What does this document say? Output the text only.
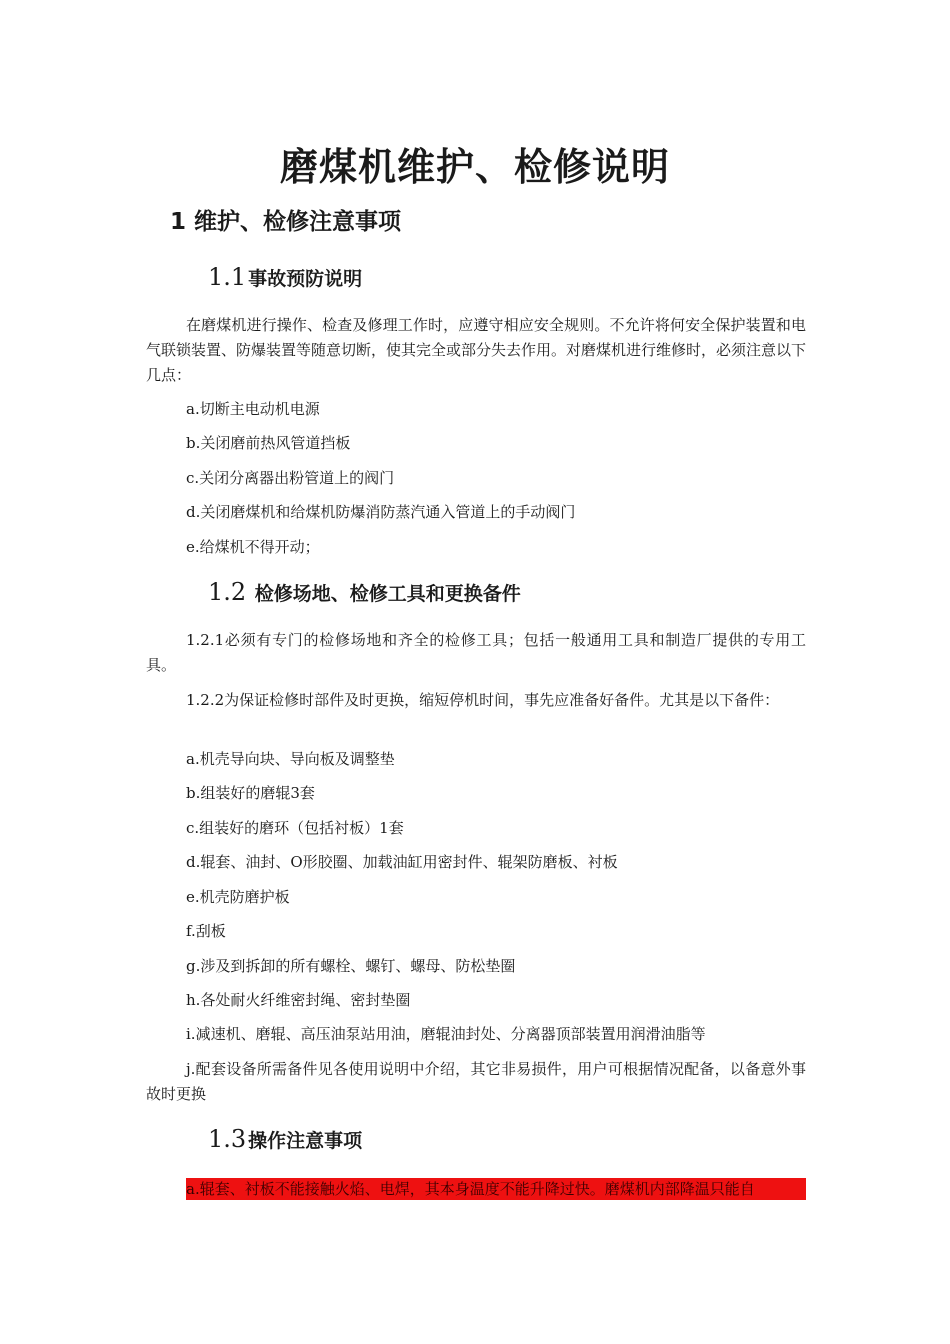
磨煤机维护、检修说明
1 维护、检修注意事项
1.1 事故预防说明

在磨煤机进行操作、检查及修理工作时，应遵守相应安全规则。不允许将何安全保护装置和电气联锁装置、防爆装置等随意切断，使其完全或部分失去作用。对磨煤机进行维修时，必须注意以下几点：

a.切断主电动机电源

b.关闭磨前热风管道挡板

c.关闭分离器出粉管道上的阀门

d.关闭磨煤机和给煤机防爆消防蒸汽通入管道上的手动阀门

e.给煤机不得开动；

1.2 检修场地、检修工具和更换备件

1.2.1必须有专门的检修场地和齐全的检修工具；包括一般通用工具和制造厂提供的专用工具。

1.2.2为保证检修时部件及时更换，缩短停机时间，事先应准备好备件。尤其是以下备件：

a.机壳导向块、导向板及调整垫

b.组装好的磨辊3套

c.组装好的磨环（包括衬板）1套

d.辊套、油封、O形胶圈、加载油缸用密封件、辊架防磨板、衬板

e.机壳防磨护板

f.刮板

g.涉及到拆卸的所有螺栓、螺钉、螺母、防松垫圈

h.各处耐火纤维密封绳、密封垫圈

i.减速机、磨辊、高压油泵站用油，磨辊油封处、分离器顶部装置用润滑油脂等

j.配套设备所需备件见各使用说明中介绍，其它非易损件，用户可根据情况配备，以备意外事故时更换

1.3 操作注意事项

a.辊套、衬板不能接触火焰、电焊，其本身温度不能升降过快。磨煤机内部降温只能自
